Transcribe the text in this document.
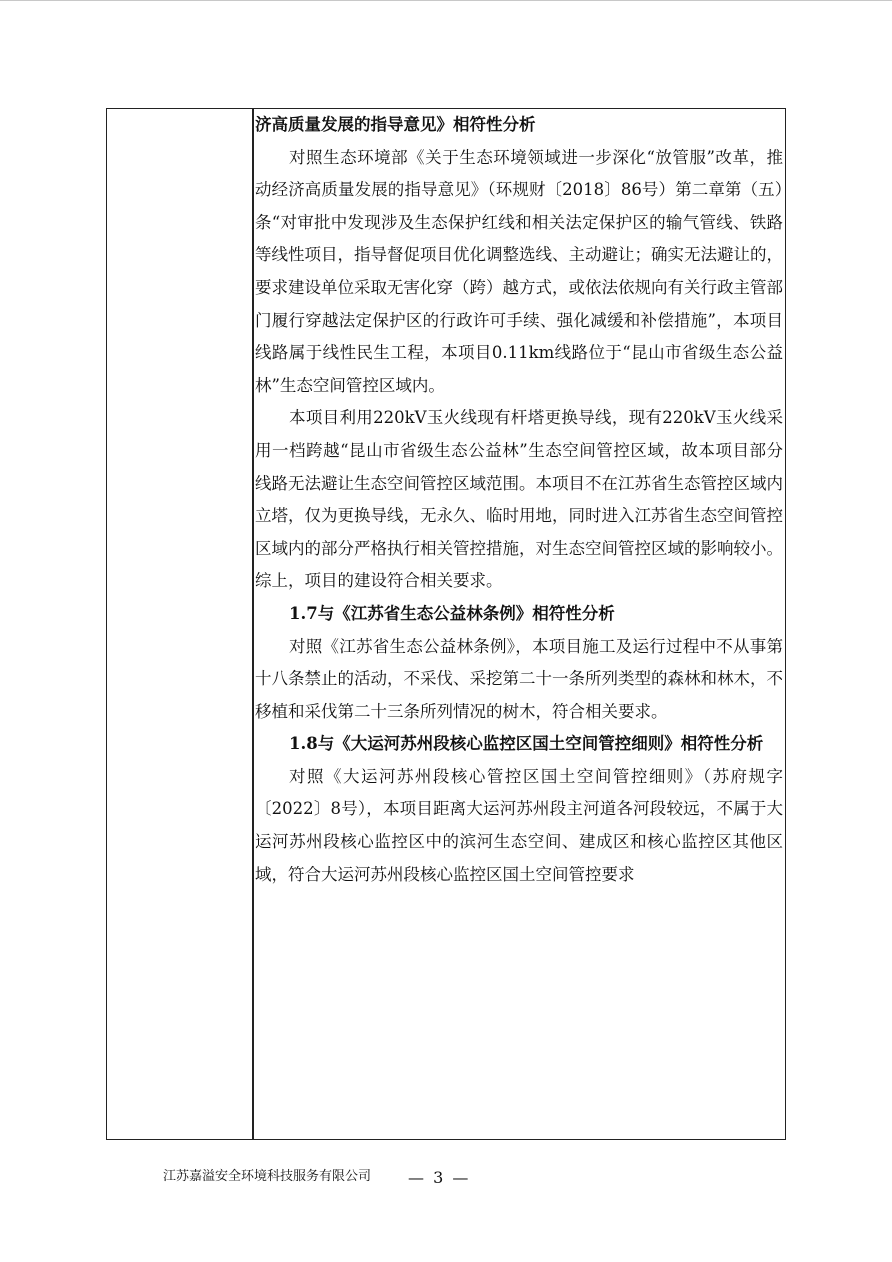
济高质量发展的指导意见》相符性分析

对照生态环境部《关于生态环境领域进一步深化“放管服”改革，推动经济高质量发展的指导意见》（环规财〔2018〕86号）第二章第（五）条“对审批中发现涉及生态保护红线和相关法定保护区的输气管线、铁路等线性项目，指导督促项目优化调整选线、主动避让；确实无法避让的，要求建设单位采取无害化穿（跨）越方式，或依法依规向有关行政主管部门履行穿越法定保护区的行政许可手续、强化减缓和补偿措施”，本项目线路属于线性民生工程，本项目0.11km线路位于“昆山市省级生态公益林”生态空间管控区域内。

本项目利用220kV玉火线现有杆塔更换导线，现有220kV玉火线采用一档跨越“昆山市省级生态公益林”生态空间管控区域，故本项目部分线路无法避让生态空间管控区域范围。本项目不在江苏省生态管控区域内立塔，仅为更换导线，无永久、临时用地，同时进入江苏省生态空间管控区域内的部分严格执行相关管控措施，对生态空间管控区域的影响较小。综上，项目的建设符合相关要求。

1.7与《江苏省生态公益林条例》相符性分析

对照《江苏省生态公益林条例》，本项目施工及运行过程中不从事第十八条禁止的活动，不采伐、采挖第二十一条所列类型的森林和林木，不移植和采伐第二十三条所列情况的树木，符合相关要求。

1.8与《大运河苏州段核心监控区国土空间管控细则》相符性分析

对照《大运河苏州段核心管控区国土空间管控细则》（苏府规字〔2022〕8号），本项目距离大运河苏州段主河道各河段较远，不属于大运河苏州段核心监控区中的滨河生态空间、建成区和核心监控区其他区域，符合大运河苏州段核心监控区国土空间管控要求

江苏嘉溢安全环境科技服务有限公司 — 3 —
